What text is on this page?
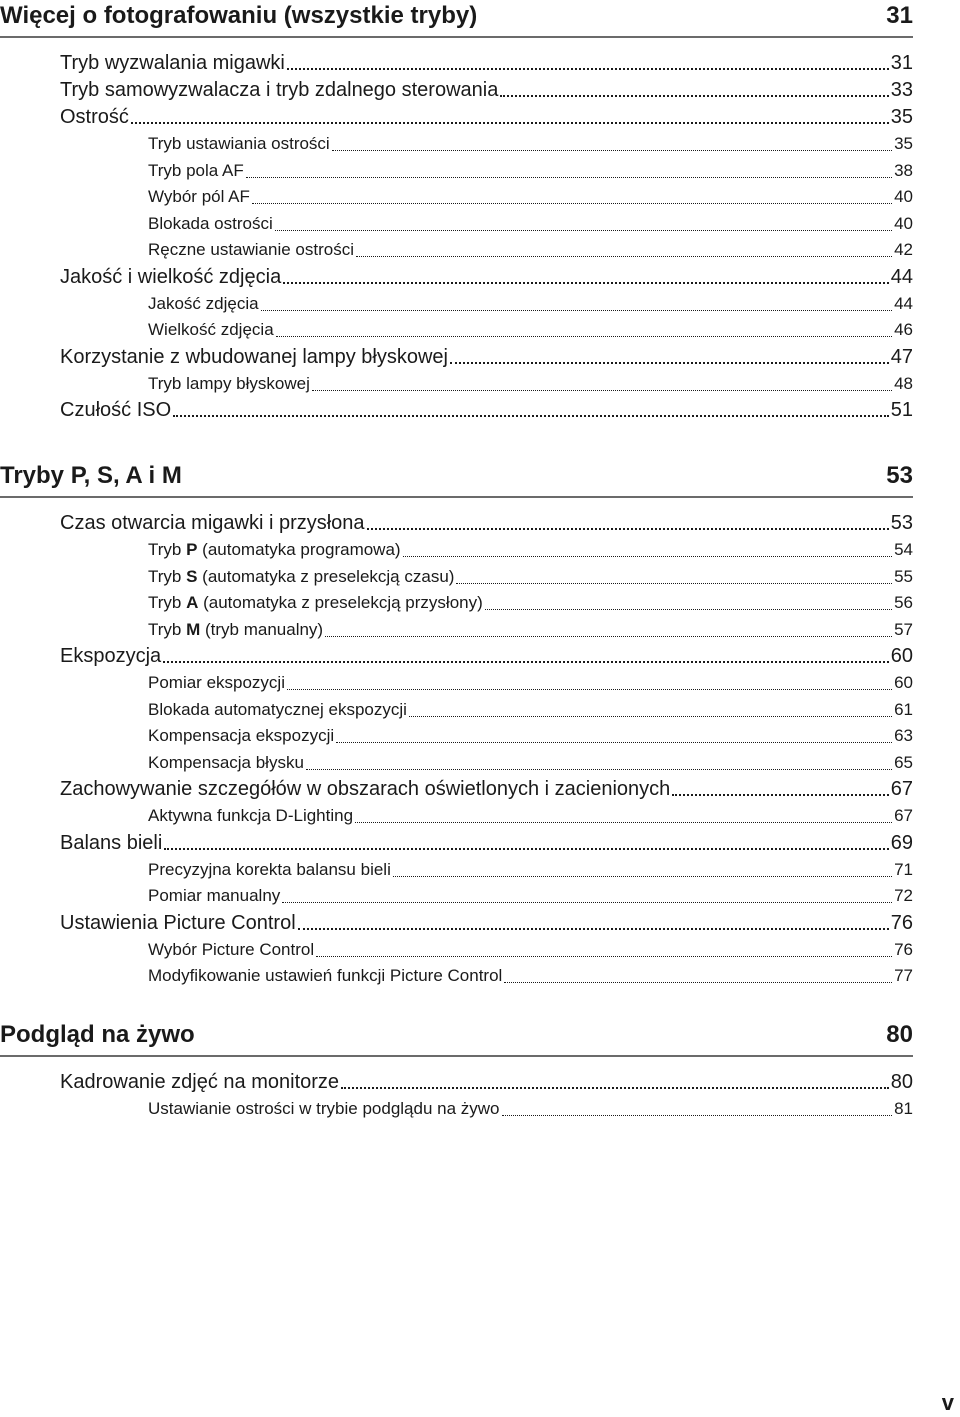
Więcej o fotografowaniu (wszystkie tryby)	31
Tryb wyzwalania migawki	31
Tryb samowyzwalacza i tryb zdalnego sterowania	33
Ostrość	35
Tryb ustawiania ostrości	35
Tryb pola AF	38
Wybór pól AF	40
Blokada ostrości	40
Ręczne ustawianie ostrości	42
Jakość i wielkość zdjęcia	44
Jakość zdjęcia	44
Wielkość zdjęcia	46
Korzystanie z wbudowanej lampy błyskowej	47
Tryb lampy błyskowej	48
Czułość ISO	51
Tryby P, S, A i M	53
Czas otwarcia migawki i przysłona	53
Tryb P (automatyka programowa)	54
Tryb S (automatyka z preselekcją czasu)	55
Tryb A (automatyka z preselekcją przysłony)	56
Tryb M (tryb manualny)	57
Ekspozycja	60
Pomiar ekspozycji	60
Blokada automatycznej ekspozycji	61
Kompensacja ekspozycji	63
Kompensacja błysku	65
Zachowywanie szczegółów w obszarach oświetlonych i zacienionych	67
Aktywna funkcja D-Lighting	67
Balans bieli	69
Precyzyjna korekta balansu bieli	71
Pomiar manualny	72
Ustawienia Picture Control	76
Wybór Picture Control	76
Modyfikowanie ustawień funkcji Picture Control	77
Podgląd na żywo	80
Kadrowanie zdjęć na monitorze	80
Ustawianie ostrości w trybie podglądu na żywo	81
v
